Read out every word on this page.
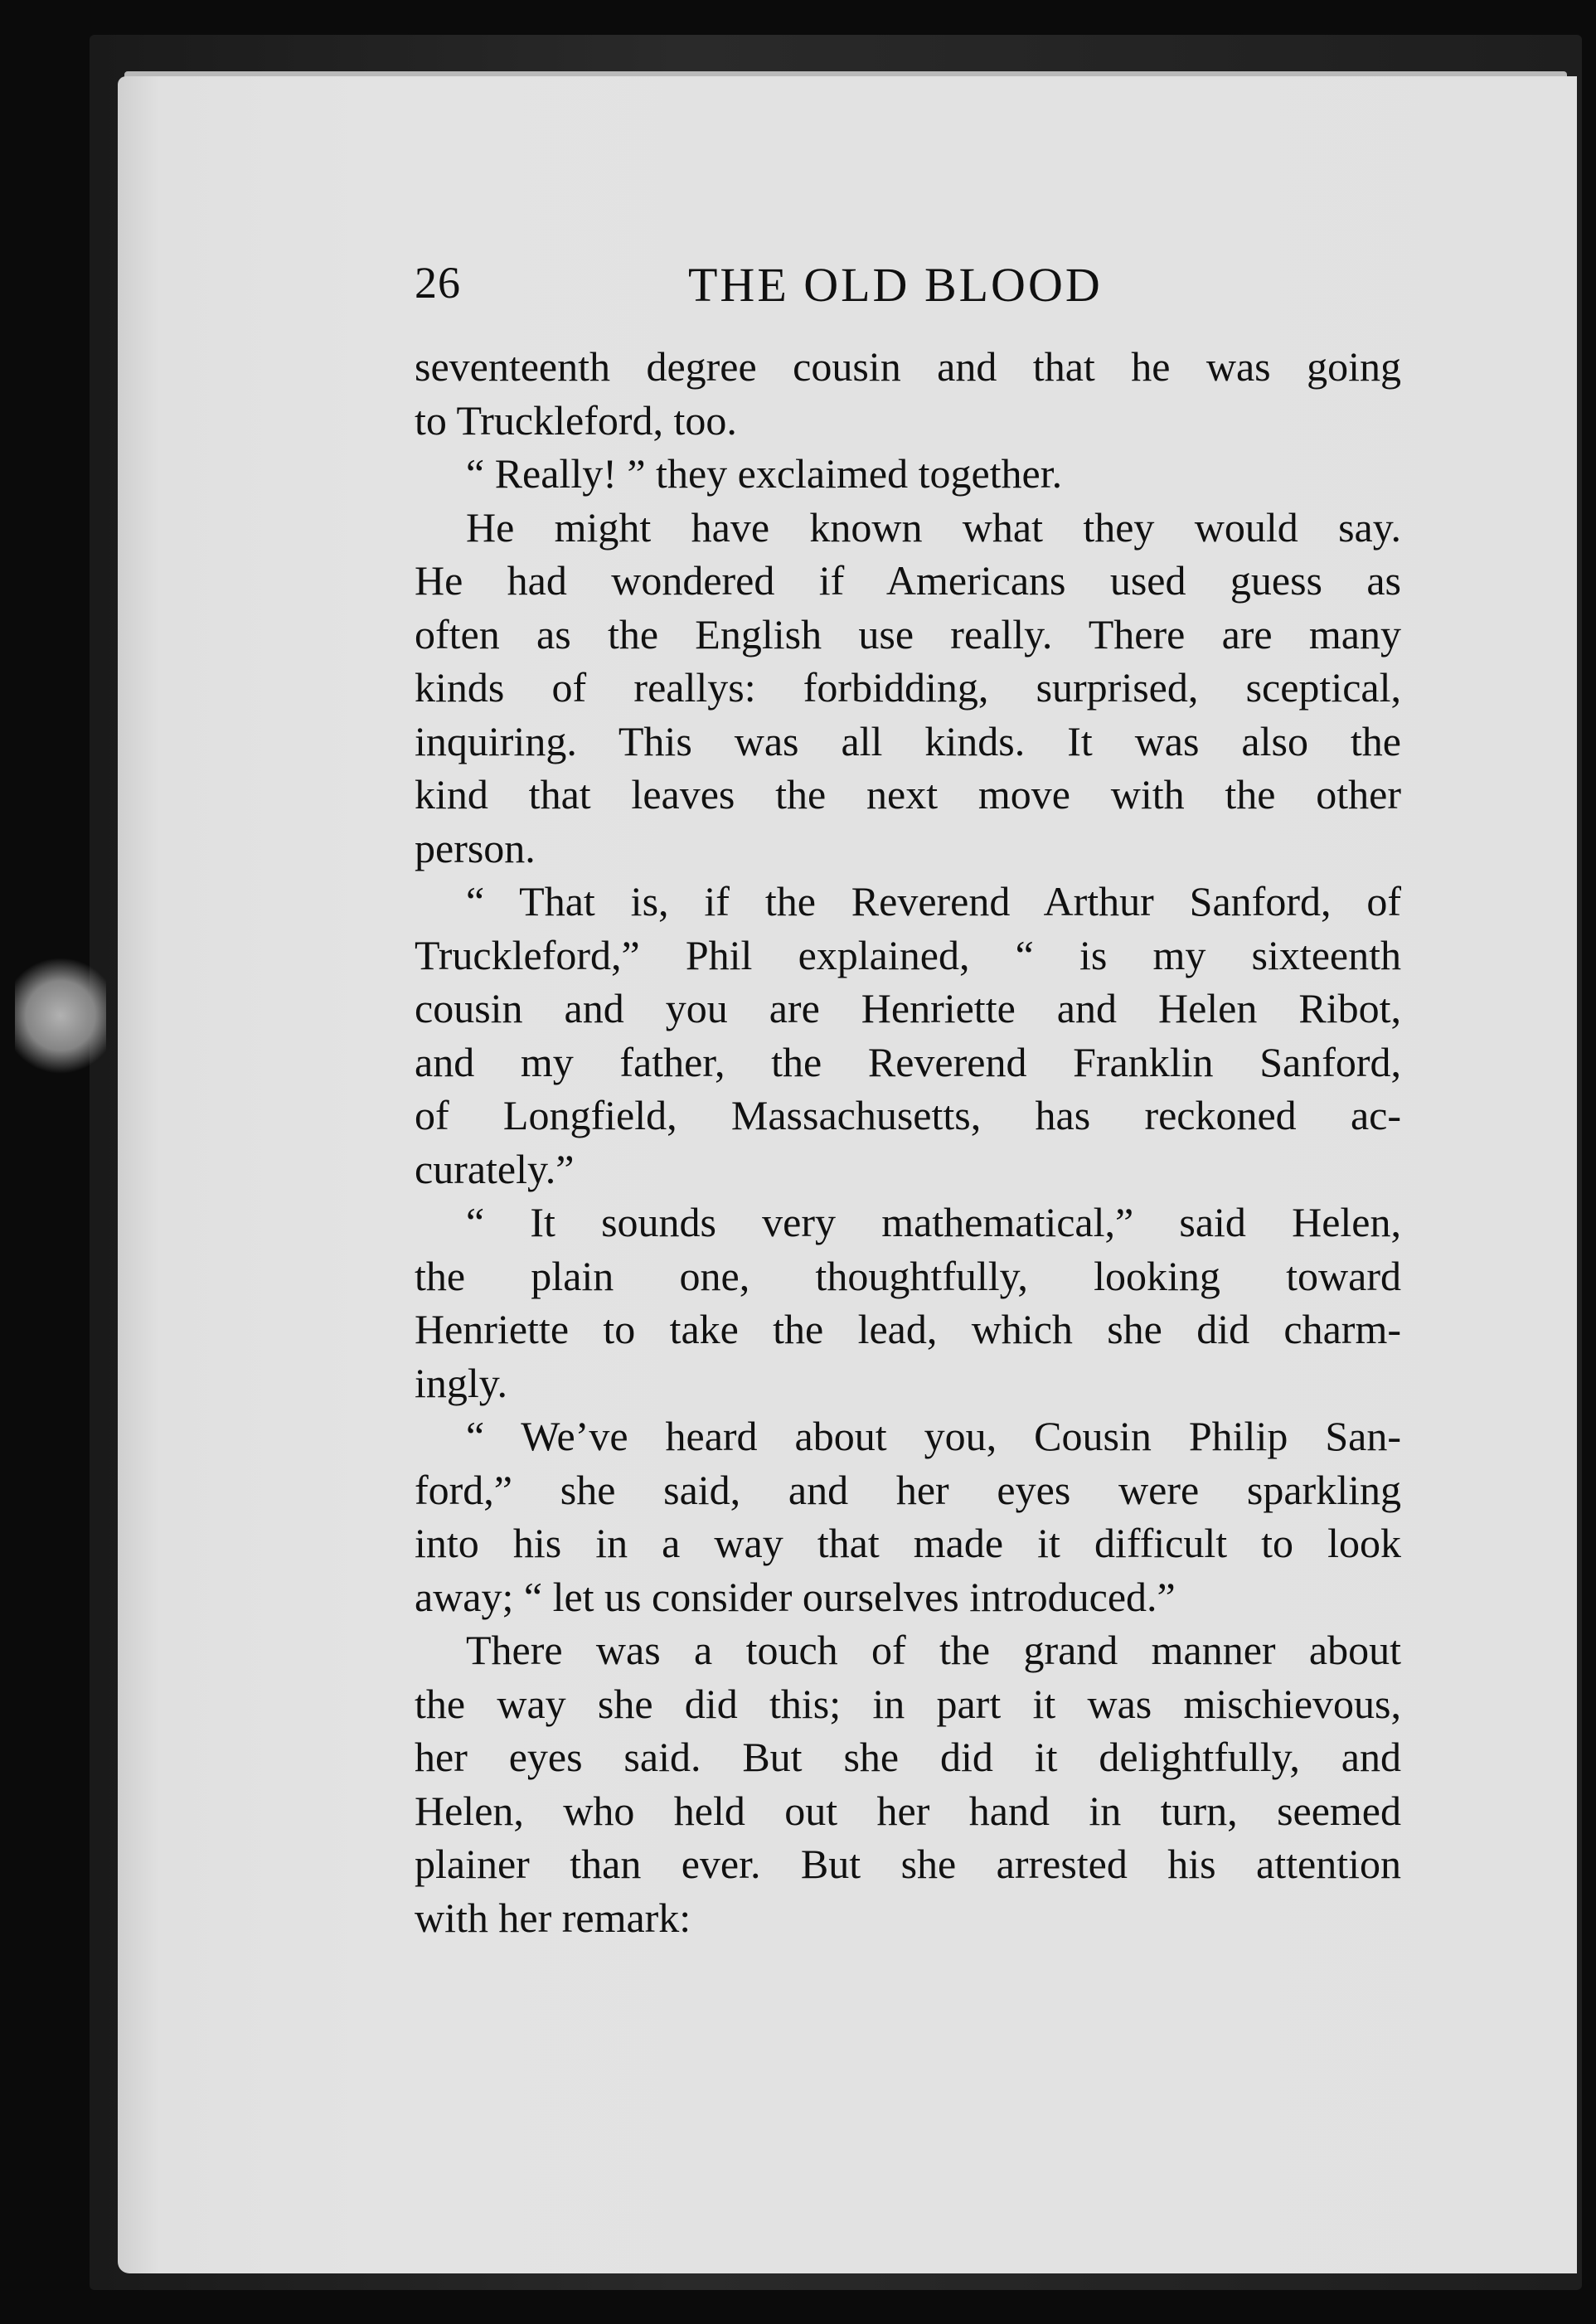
26	THE OLD BLOOD
seventeenth degree cousin and that he was going
to Truckleford, too.
“ Really! ” they exclaimed together.
He might have known what they would say.
He had wondered if Americans used guess as
often as the English use really. There are many
kinds of reallys: forbidding, surprised, sceptical,
inquiring. This was all kinds. It was also the
kind that leaves the next move with the other
person.
“ That is, if the Reverend Arthur Sanford, of
Truckleford,” Phil explained, “ is my sixteenth
cousin and you are Henriette and Helen Ribot,
and my father, the Reverend Franklin Sanford,
of Longfield, Massachusetts, has reckoned ac-
curately.”
“ It sounds very mathematical,” said Helen,
the plain one, thoughtfully, looking toward
Henriette to take the lead, which she did charm-
ingly.
“ We’ve heard about you, Cousin Philip San-
ford,” she said, and her eyes were sparkling
into his in a way that made it difficult to look
away; “ let us consider ourselves introduced.”
There was a touch of the grand manner about
the way she did this; in part it was mischievous,
her eyes said. But she did it delightfully, and
Helen, who held out her hand in turn, seemed
plainer than ever. But she arrested his attention
with her remark:
